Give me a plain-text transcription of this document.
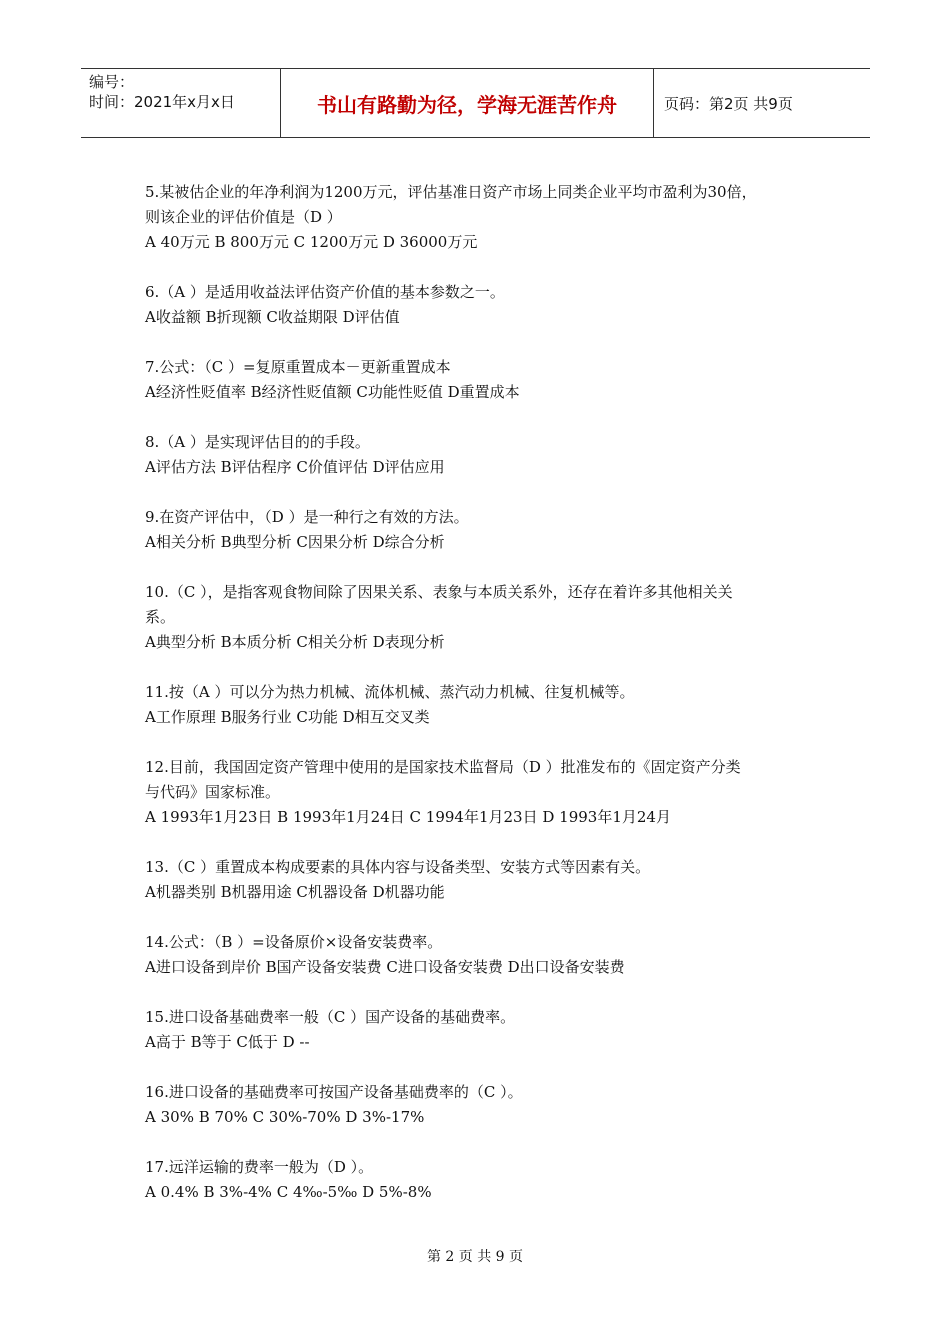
编号：
时间：2021年x月x日	书山有路勤为径，学海无涯苦作舟	页码：第2页 共9页

5.某被估企业的年净利润为1200万元，评估基准日资产市场上同类企业平均市盈利为30倍，

则该企业的评估价值是（D ）

A 40万元 B 800万元 C 1200万元 D 36000万元

6.（A ）是适用收益法评估资产价值的基本参数之一。

A收益额 B折现额 C收益期限 D评估值

7.公式：（C ）=复原重置成本－更新重置成本

A经济性贬值率 B经济性贬值额 C功能性贬值 D重置成本

8.（A ）是实现评估目的的手段。

A评估方法 B评估程序 C价值评估 D评估应用

9.在资产评估中，（D ）是一种行之有效的方法。

A相关分析 B典型分析 C因果分析 D综合分析

10.（C ），是指客观食物间除了因果关系、表象与本质关系外，还存在着许多其他相关关

系。

A典型分析 B本质分析 C相关分析 D表现分析

11.按（A ）可以分为热力机械、流体机械、蒸汽动力机械、往复机械等。

A工作原理 B服务行业 C功能 D相互交叉类

12.目前，我国固定资产管理中使用的是国家技术监督局（D ）批准发布的《固定资产分类

与代码》国家标准。

A 1993年1月23日 B 1993年1月24日 C 1994年1月23日 D 1993年1月24月

13.（C ）重置成本构成要素的具体内容与设备类型、安装方式等因素有关。

A机器类别 B机器用途 C机器设备 D机器功能

14.公式：（B ）=设备原价×设备安装费率。

A进口设备到岸价 B国产设备安装费 C进口设备安装费 D出口设备安装费

15.进口设备基础费率一般（C ）国产设备的基础费率。

A高于 B等于 C低于 D --

16.进口设备的基础费率可按国产设备基础费率的（C ）。

A 30% B 70% C 30%-70% D 3%-17%

17.远洋运输的费率一般为（D ）。

A 0.4% B 3%-4% C 4‰-5‰ D 5%-8%

第 2 页 共 9 页
